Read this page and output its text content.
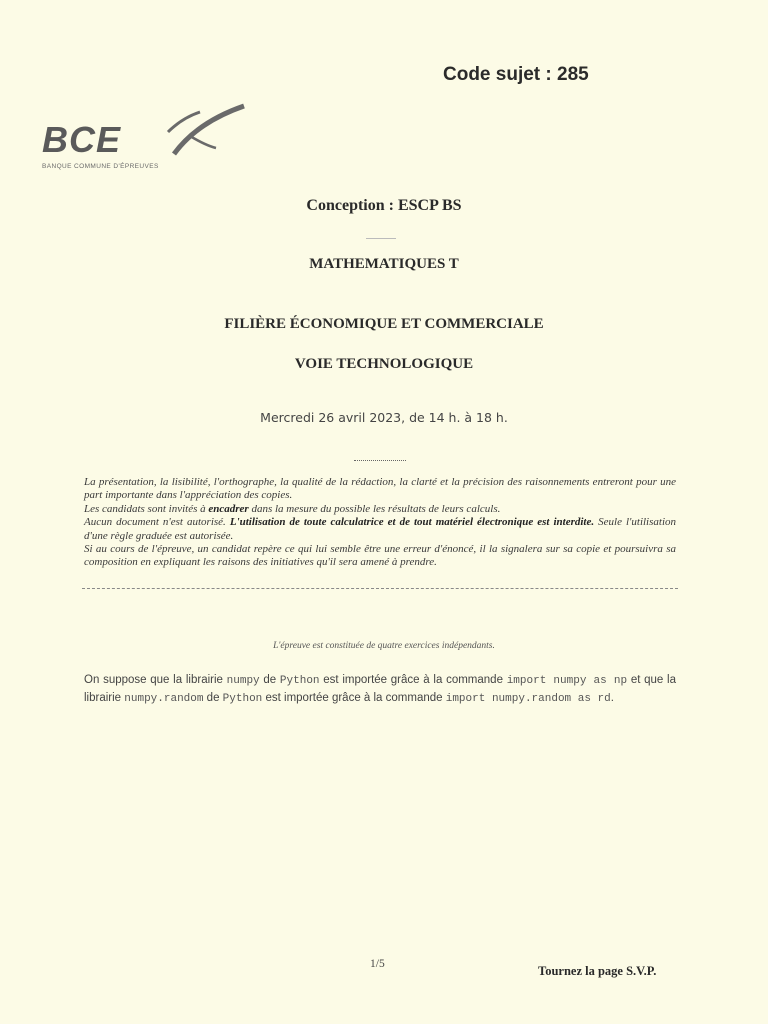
Code sujet : 285
BCE
BANQUE COMMUNE D'ÉPREUVES
Conception : ESCP BS
MATHEMATIQUES T
FILIÈRE ÉCONOMIQUE ET COMMERCIALE
VOIE TECHNOLOGIQUE
Mercredi 26 avril 2023, de 14 h. à 18 h.

La présentation, la lisibilité, l'orthographe, la qualité de la rédaction, la clarté et la précision des raisonnements entreront pour une part importante dans l'appréciation des copies.

Les candidats sont invités à encadrer dans la mesure du possible les résultats de leurs calculs.

Aucun document n'est autorisé. L'utilisation de toute calculatrice et de tout matériel électronique est interdite. Seule l'utilisation d'une règle graduée est autorisée.

Si au cours de l'épreuve, un candidat repère ce qui lui semble être une erreur d'énoncé, il la signalera sur sa copie et poursuivra sa composition en expliquant les raisons des initiatives qu'il sera amené à prendre.

L'épreuve est constituée de quatre exercices indépendants.
On suppose que la librairie numpy de Python est importée grâce à la commande import numpy as np et que la librairie numpy.random de Python est importée grâce à la commande import numpy.random as rd.
1/5	Tournez la page S.V.P.
